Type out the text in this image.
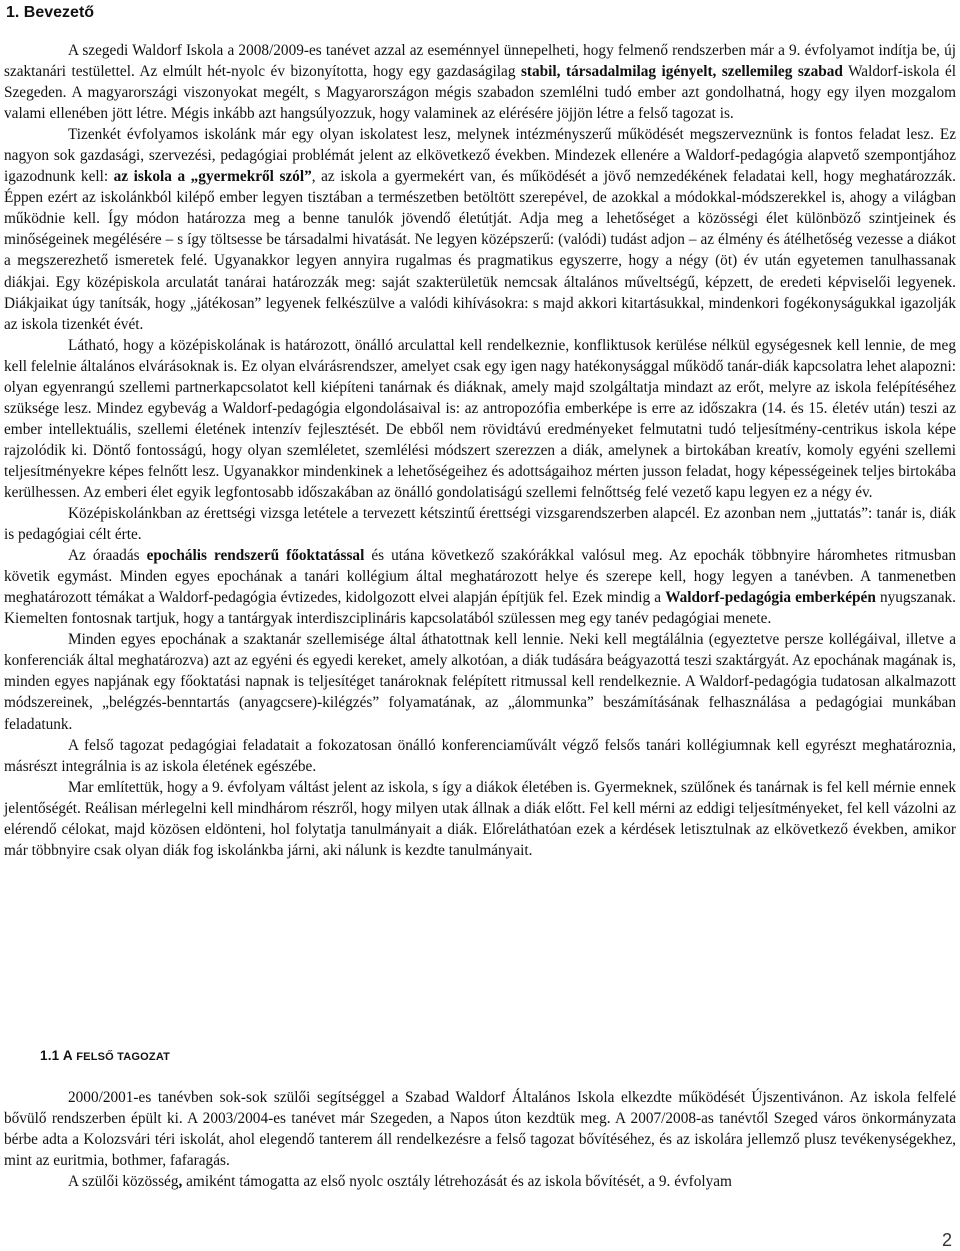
1. Bevezető

A szegedi Waldorf Iskola a 2008/2009-es tanévet azzal az eseménnyel ünnepelheti, hogy felmenő rendszerben már a 9. évfolyamot indítja be, új szaktanári testülettel. Az elmúlt hét-nyolc év bizonyította, hogy egy gazdaságilag stabil, társadalmilag igényelt, szellemileg szabad Waldorf-iskola él Szegeden. A magyarországi viszonyokat megélt, s Magyarországon mégis szabadon szemlélni tudó ember azt gondolhatná, hogy egy ilyen mozgalom valami ellenében jött létre. Mégis inkább azt hangsúlyozzuk, hogy valaminek az elérésére jöjjön létre a felső tagozat is.

Tizenkét évfolyamos iskolánk már egy olyan iskolatest lesz, melynek intézményszerű működését megszerveznünk is fontos feladat lesz. Ez nagyon sok gazdasági, szervezési, pedagógiai problémát jelent az elkövetkező években. Mindezek ellenére a Waldorf-pedagógia alapvető szempontjához igazodnunk kell: az iskola a „gyermekről szól”, az iskola a gyermekért van, és működését a jövő nemzedékének feladatai kell, hogy meghatározzák. Éppen ezért az iskolánkból kilépő ember legyen tisztában a természetben betöltött szerepével, de azokkal a módokkal-módszerekkel is, ahogy a világban működnie kell. Így módon határozza meg a benne tanulók jövendő életútját. Adja meg a lehetőséget a közösségi élet különböző szintjeinek és minőségeinek megélésére – s így töltsesse be társadalmi hivatását. Ne legyen középszerű: (valódi) tudást adjon – az élmény és átélhetőség vezesse a diákot a megszerezhető ismeretek felé. Ugyanakkor legyen annyira rugalmas és pragmatikus egyszerre, hogy a négy (öt) év után egyetemen tanulhassanak diákjai. Egy középiskola arculatát tanárai határozzák meg: saját szakterületük nemcsak általános műveltségű, képzett, de eredeti képviselői legyenek. Diákjaikat úgy tanítsák, hogy „játékosan” legyenek felkészülve a valódi kihívásokra: s majd akkori kitartásukkal, mindenkori fogékonyságukkal igazolják az iskola tizenkét évét.

Látható, hogy a középiskolának is határozott, önálló arculattal kell rendelkeznie, konfliktusok kerülése nélkül egységesnek kell lennie, de meg kell felelnie általános elvárásoknak is. Ez olyan elvárásrendszer, amelyet csak egy igen nagy hatékonysággal működő tanár-diák kapcsolatra lehet alapozni: olyan egyenrangú szellemi partnerkapcsolatot kell kiépíteni tanárnak és diáknak, amely majd szolgáltatja mindazt az erőt, melyre az iskola felépítéséhez szüksége lesz. Mindez egybevág a Waldorf-pedagógia elgondolásaival is: az antropozófia emberképe is erre az időszakra (14. és 15. életév után) teszi az ember intellektuális, szellemi életének intenzív fejlesztését. De ebből nem rövidtávú eredményeket felmutatni tudó teljesítmény-centrikus iskola képe rajzolódik ki. Döntő fontosságú, hogy olyan szemléletet, szemlélési módszert szerezzen a diák, amelynek a birtokában kreatív, komoly egyéni szellemi teljesítményekre képes felnőtt lesz. Ugyanakkor mindenkinek a lehetőségeihez és adottságaihoz mérten jusson feladat, hogy képességeinek teljes birtokába kerülhessen. Az emberi élet egyik legfontosabb időszakában az önálló gondolatiságú szellemi felnőttség felé vezető kapu legyen ez a négy év.

Középiskolánkban az érettségi vizsga letétele a tervezett kétszintű érettségi vizsgarendszerben alapcél. Ez azonban nem „juttatás”: tanár is, diák is pedagógiai célt érte.

Az óraadás epochális rendszerű főoktatással és utána következő szakórákkal valósul meg. Az epochák többnyire háromhetes ritmusban követik egymást. Minden egyes epochának a tanári kollégium által meghatározott helye és szerepe kell, hogy legyen a tanévben. A tanmenetben meghatározott témákat a Waldorf-pedagógia évtizedes, kidolgozott elvei alapján építjük fel. Ezek mindig a Waldorf-pedagógia emberképén nyugszanak. Kiemelten fontosnak tartjuk, hogy a tantárgyak interdiszciplináris kapcsolatából szülessen meg egy tanév pedagógiai menete.

Minden egyes epochának a szaktanár szellemisége által áthatottnak kell lennie. Neki kell megtálálnia (egyeztetve persze kollégáival, illetve a konferenciák által meghatározva) azt az egyéni és egyedi kereket, amely alkotóan, a diák tudására beágyazottá teszi szaktárgyát. Az epochának magának is, minden egyes napjának egy főoktatási napnak is teljesítéget tanároknak felépített ritmussal kell rendelkeznie. A Waldorf-pedagógia tudatosan alkalmazott módszereinek, „belégzés-benntartás (anyagcsere)-kilégzés” folyamatának, az „álommunka” beszámításának felhasználása a pedagógiai munkában feladatunk.

A felső tagozat pedagógiai feladatait a fokozatosan önálló konferenciaművált végző felsős tanári kollégiumnak kell egyrészt meghatároznia, másrészt integrálnia is az iskola életének egészébe.

Mar említettük, hogy a 9. évfolyam váltást jelent az iskola, s így a diákok életében is. Gyermeknek, szülőnek és tanárnak is fel kell mérnie ennek jelentőségét. Reálisan mérlegelni kell mindhárom részről, hogy milyen utak állnak a diák előtt. Fel kell mérni az eddigi teljesítményeket, fel kell vázolni az elérendő célokat, majd közösen eldönteni, hol folytatja tanulmányait a diák. Előreláthatóan ezek a kérdések letisztulnak az elkövetkező években, amikor már többnyire csak olyan diák fog iskolánkba járni, aki nálunk is kezdte tanulmányait.

1.1 A FELSŐ TAGOZAT

2000/2001-es tanévben sok-sok szülői segítséggel a Szabad Waldorf Általános Iskola elkezdte működését Újszentivánon. Az iskola felfelé bővülő rendszerben épült ki. A 2003/2004-es tanévet már Szegeden, a Napos úton kezdtük meg. A 2007/2008-as tanévtől Szeged város önkormányzata bérbe adta a Kolozsvári téri iskolát, ahol elegendő tanterem áll rendelkezésre a felső tagozat bővítéséhez, és az iskolára jellemző plusz tevékenységekhez, mint az euritmia, bothmer, fafaragás.

A szülői közösség, amiként támogatta az első nyolc osztály létrehozását és az iskola bővítését, a 9. évfolyam

2
